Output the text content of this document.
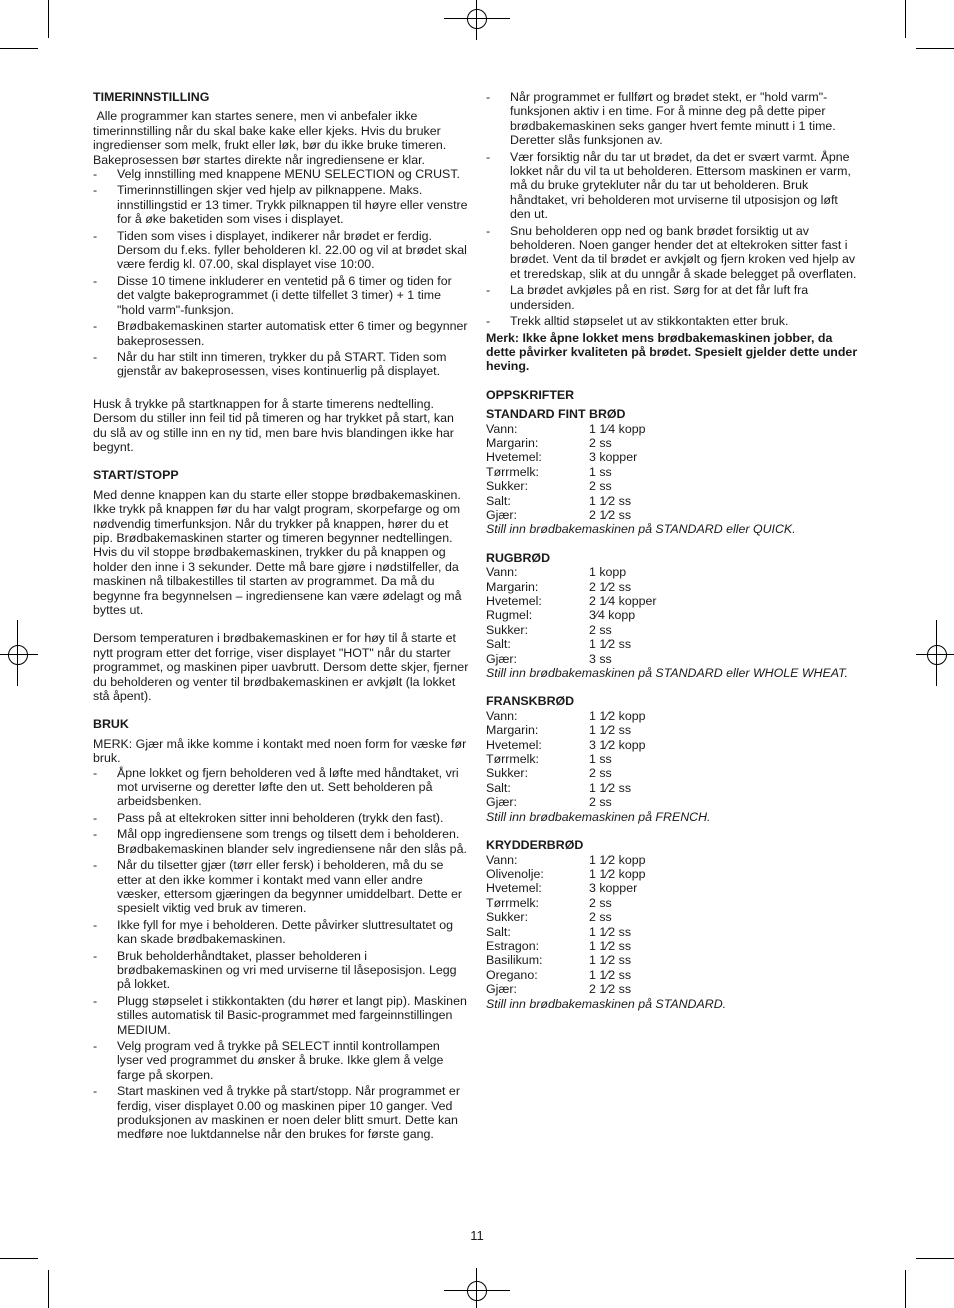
TIMERINNSTILLING

Alle programmer kan startes senere, men vi anbefaler ikke timerinnstilling når du skal bake kake eller kjeks. Hvis du bruker ingredienser som melk, frukt eller løk, bør du ikke bruke timeren. Bakeprosessen bør startes direkte når ingrediensene er klar.

- Velg innstilling med knappene MENU SELECTION og CRUST.
- Timerinnstillingen skjer ved hjelp av pilknappene. Maks. innstillingstid er 13 timer. Trykk pilknappen til høyre eller venstre for å øke baketiden som vises i displayet.
- Tiden som vises i displayet, indikerer når brødet er ferdig. Dersom du f.eks. fyller beholderen kl. 22.00 og vil at brødet skal være ferdig kl. 07.00, skal displayet vise 10:00.
- Disse 10 timene inkluderer en ventetid på 6 timer og tiden for det valgte bakeprogrammet (i dette tilfellet 3 timer) + 1 time "hold varm"-funksjon.
- Brødbakemaskinen starter automatisk etter 6 timer og begynner bakeprosessen.
- Når du har stilt inn timeren, trykker du på START. Tiden som gjenstår av bakeprosessen, vises kontinuerlig på displayet.

Husk å trykke på startknappen for å starte timerens nedtelling. Dersom du stiller inn feil tid på timeren og har trykket på start, kan du slå av og stille inn en ny tid, men bare hvis blandingen ikke har begynt.

START/STOPP

Med denne knappen kan du starte eller stoppe brødbakemaskinen. Ikke trykk på knappen før du har valgt program, skorpefarge og om nødvendig timerfunksjon. Når du trykker på knappen, hører du et pip. Brødbakemaskinen starter og timeren begynner nedtellingen.

Hvis du vil stoppe brødbakemaskinen, trykker du på knappen og holder den inne i 3 sekunder. Dette må bare gjøre i nødstilfeller, da maskinen nå tilbakestilles til starten av programmet. Da må du begynne fra begynnelsen – ingrediensene kan være ødelagt og må byttes ut.

Dersom temperaturen i brødbakemaskinen er for høy til å starte et nytt program etter det forrige, viser displayet "HOT" når du starter programmet, og maskinen piper uavbrutt. Dersom dette skjer, fjerner du beholderen og venter til brødbakemaskinen er avkjølt (la lokket stå åpent).

BRUK

MERK: Gjær må ikke komme i kontakt med noen form for væske før bruk.

- Åpne lokket og fjern beholderen ved å løfte med håndtaket, vri mot urviserne og deretter løfte den ut. Sett beholderen på arbeidsbenken.
- Pass på at eltekroken sitter inni beholderen (trykk den fast).
- Mål opp ingrediensene som trengs og tilsett dem i beholderen. Brødbakemaskinen blander selv ingrediensene når den slås på.
- Når du tilsetter gjær (tørr eller fersk) i beholderen, må du se etter at den ikke kommer i kontakt med vann eller andre væsker, ettersom gjæringen da begynner umiddelbart. Dette er spesielt viktig ved bruk av timeren.
- Ikke fyll for mye i beholderen. Dette påvirker sluttresultatet og kan skade brødbakemaskinen.
- Bruk beholderhåndtaket, plasser beholderen i brødbakemaskinen og vri med urviserne til låseposisjon. Legg på lokket.
- Plugg støpselet i stikkontakten (du hører et langt pip). Maskinen stilles automatisk til Basic-programmet med fargeinnstillingen MEDIUM.
- Velg program ved å trykke på SELECT inntil kontrollampen lyser ved programmet du ønsker å bruke. Ikke glem å velge farge på skorpen.
- Start maskinen ved å trykke på start/stopp. Når programmet er ferdig, viser displayet 0.00 og maskinen piper 10 ganger. Ved produksjonen av maskinen er noen deler blitt smurt. Dette kan medføre noe luktdannelse når den brukes for første gang.
- Når programmet er fullført og brødet stekt, er "hold varm"-funksjonen aktiv i en time. For å minne deg på dette piper brødbakemaskinen seks ganger hvert femte minutt i 1 time. Deretter slås funksjonen av.
- Vær forsiktig når du tar ut brødet, da det er svært varmt. Åpne lokket når du vil ta ut beholderen. Ettersom maskinen er varm, må du bruke grytekluter når du tar ut beholderen. Bruk håndtaket, vri beholderen mot urviserne til utposisjon og løft den ut.
- Snu beholderen opp ned og bank brødet forsiktig ut av beholderen. Noen ganger hender det at eltekroken sitter fast i brødet. Vent da til brødet er avkjølt og fjern kroken ved hjelp av et treredskap, slik at du unngår å skade belegget på overflaten.
- La brødet avkjøles på en rist. Sørg for at det får luft fra undersiden.
- Trekk alltid støpselet ut av stikkontakten etter bruk.

Merk: Ikke åpne lokket mens brødbakemaskinen jobber, da dette påvirker kvaliteten på brødet. Spesielt gjelder dette under heving.

OPPSKRIFTER

STANDARD FINT BRØD

Vann:	1 1⁄4 kopp
Margarin:	2 ss
Hvetemel:	3 kopper
Tørrmelk:	1 ss
Sukker:	2 ss
Salt:	1 1⁄2 ss
Gjær:	2 1⁄2 ss

Still inn brødbakemaskinen på STANDARD eller QUICK.

RUGBRØD

Vann:	1 kopp
Margarin:	2 1⁄2 ss
Hvetemel:	2 1⁄4 kopper
Rugmel:	3⁄4 kopp
Sukker:	2 ss
Salt:	1 1⁄2 ss
Gjær:	3 ss

Still inn brødbakemaskinen på STANDARD eller WHOLE WHEAT.

FRANSKBRØD

Vann:	1 1⁄2 kopp
Margarin:	1 1⁄2 ss
Hvetemel:	3 1⁄2 kopp
Tørrmelk:	1 ss
Sukker:	2 ss
Salt:	1 1⁄2 ss
Gjær:	2 ss

Still inn brødbakemaskinen på FRENCH.

KRYDDERBRØD

Vann:	1 1⁄2 kopp
Olivenolje:	1 1⁄2 kopp
Hvetemel:	3 kopper
Tørrmelk:	2 ss
Sukker:	2 ss
Salt:	1 1⁄2 ss
Estragon:	1 1⁄2 ss
Basilikum:	1 1⁄2 ss
Oregano:	1 1⁄2 ss
Gjær:	2 1⁄2 ss

Still inn brødbakemaskinen på STANDARD.

11
